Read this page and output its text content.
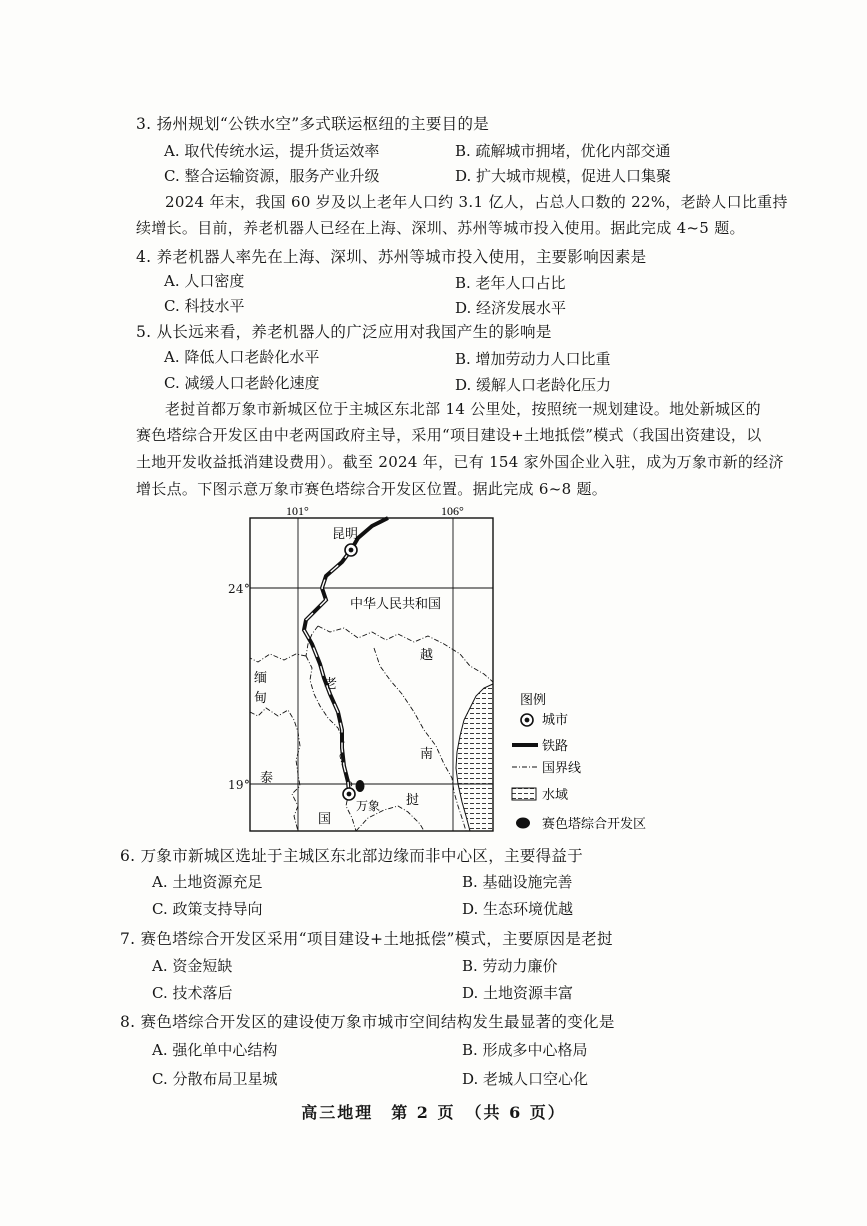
3. 扬州规划“公铁水空”多式联运枢纽的主要目的是
A. 取代传统水运，提升货运效率	B. 疏解城市拥堵，优化内部交通
C. 整合运输资源，服务产业升级	D. 扩大城市规模，促进人口集聚
2024 年末，我国 60 岁及以上老年人口约 3.1 亿人，占总人口数的 22%，老龄人口比重持
续增长。目前，养老机器人已经在上海、深圳、苏州等城市投入使用。据此完成 4~5 题。
4. 养老机器人率先在上海、深圳、苏州等城市投入使用，主要影响因素是
A. 人口密度	B. 老年人口占比
C. 科技水平	D. 经济发展水平
5. 从长远来看，养老机器人的广泛应用对我国产生的影响是
A. 降低人口老龄化水平	B. 增加劳动力人口比重
C. 减缓人口老龄化速度	D. 缓解人口老龄化压力
老挝首都万象市新城区位于主城区东北部 14 公里处，按照统一规划建设。地处新城区的
赛色塔综合开发区由中老两国政府主导，采用“项目建设+土地抵偿”模式（我国出资建设，以
土地开发收益抵消建设费用）。截至 2024 年，已有 154 家外国企业入驻，成为万象市新的经济
增长点。下图示意万象市赛色塔综合开发区位置。据此完成 6~8 题。
101°	106°
昆明
中华人民共和国
越
南
老
挝
缅
甸
泰
国
万象
图例
城市
铁路
国界线
水域
赛色塔综合开发区
24°
19°
6. 万象市新城区选址于主城区东北部边缘而非中心区，主要得益于
A. 土地资源充足	B. 基础设施完善
C. 政策支持导向	D. 生态环境优越
7. 赛色塔综合开发区采用“项目建设+土地抵偿”模式，主要原因是老挝
A. 资金短缺	B. 劳动力廉价
C. 技术落后	D. 土地资源丰富
8. 赛色塔综合开发区的建设使万象市城市空间结构发生最显著的变化是
A. 强化单中心结构	B. 形成多中心格局
C. 分散布局卫星城	D. 老城人口空心化
高三地理　第 2 页　（共 6 页）
